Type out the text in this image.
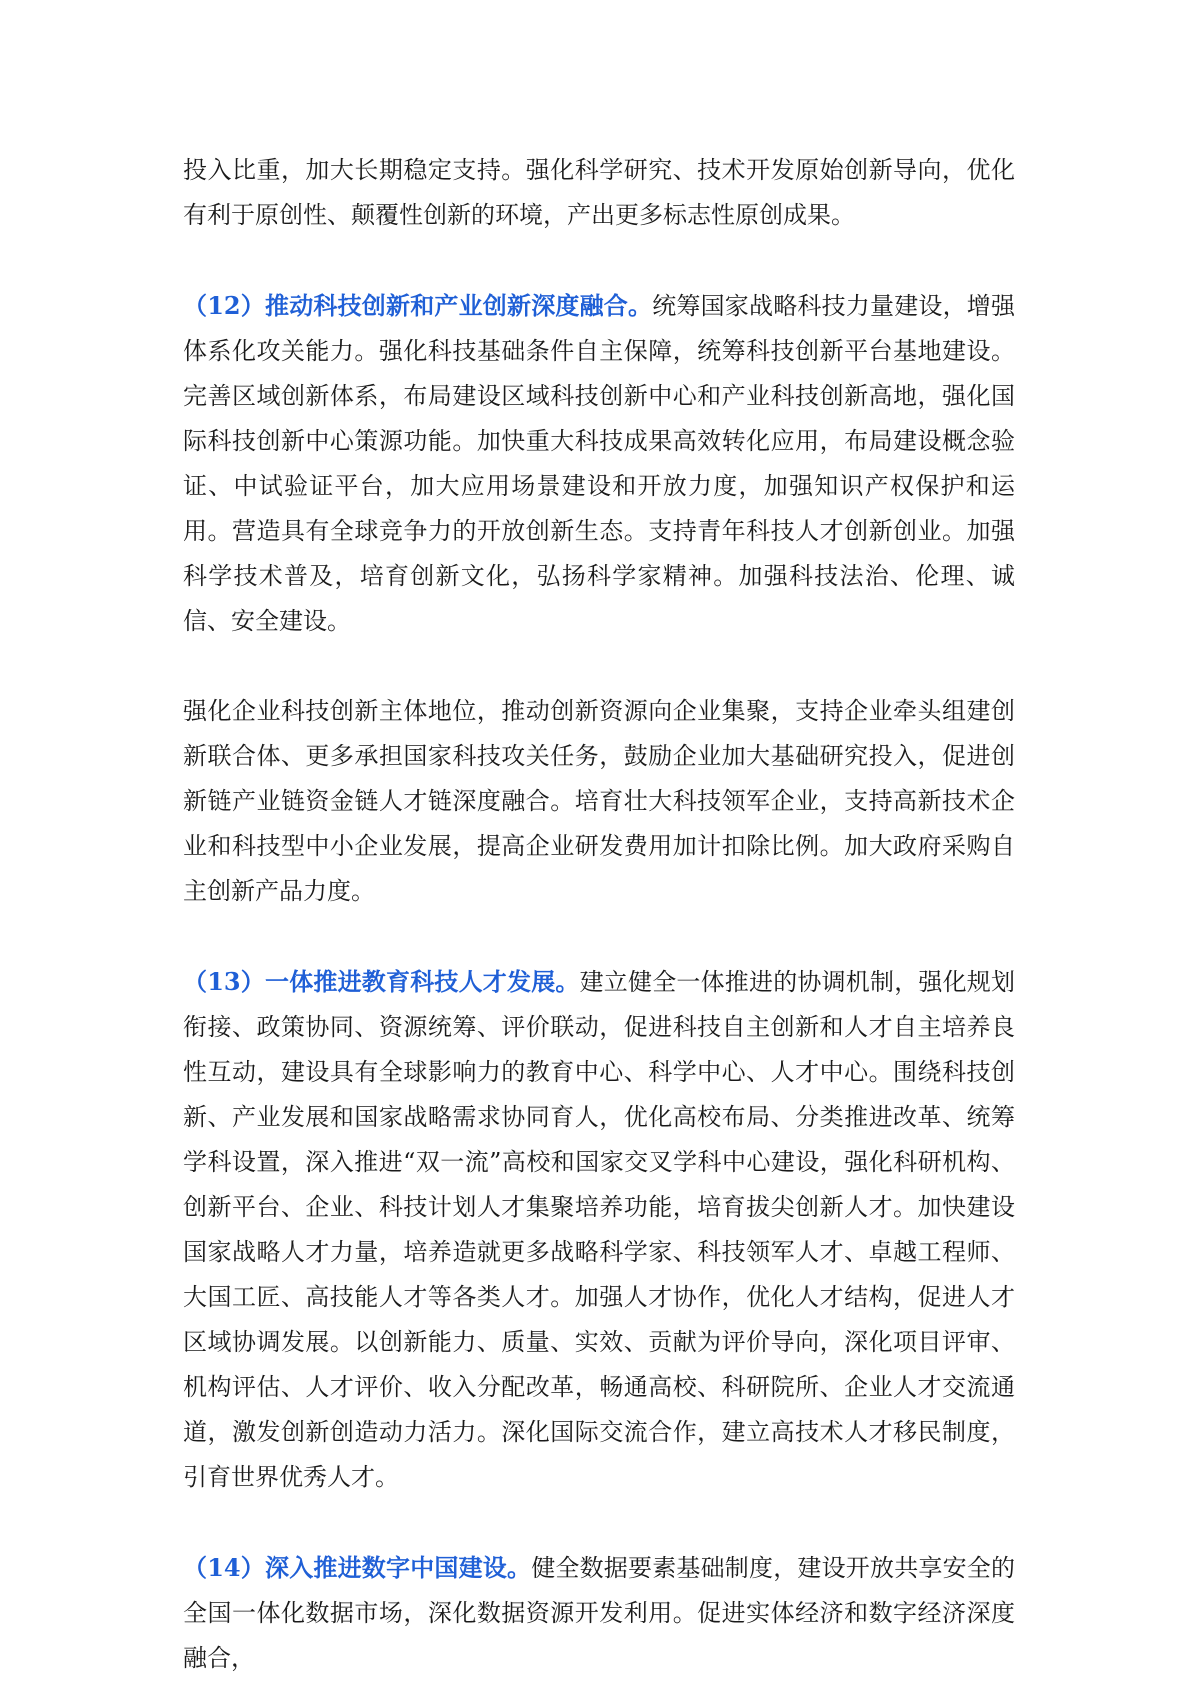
投入比重，加大长期稳定支持。强化科学研究、技术开发原始创新导向，优化有利于原创性、颠覆性创新的环境，产出更多标志性原创成果。

（12）推动科技创新和产业创新深度融合。统筹国家战略科技力量建设，增强体系化攻关能力。强化科技基础条件自主保障，统筹科技创新平台基地建设。完善区域创新体系，布局建设区域科技创新中心和产业科技创新高地，强化国际科技创新中心策源功能。加快重大科技成果高效转化应用，布局建设概念验证、中试验证平台，加大应用场景建设和开放力度，加强知识产权保护和运用。营造具有全球竞争力的开放创新生态。支持青年科技人才创新创业。加强科学技术普及，培育创新文化，弘扬科学家精神。加强科技法治、伦理、诚信、安全建设。

强化企业科技创新主体地位，推动创新资源向企业集聚，支持企业牵头组建创新联合体、更多承担国家科技攻关任务，鼓励企业加大基础研究投入，促进创新链产业链资金链人才链深度融合。培育壮大科技领军企业，支持高新技术企业和科技型中小企业发展，提高企业研发费用加计扣除比例。加大政府采购自主创新产品力度。

（13）一体推进教育科技人才发展。建立健全一体推进的协调机制，强化规划衔接、政策协同、资源统筹、评价联动，促进科技自主创新和人才自主培养良性互动，建设具有全球影响力的教育中心、科学中心、人才中心。围绕科技创新、产业发展和国家战略需求协同育人，优化高校布局、分类推进改革、统筹学科设置，深入推进“双一流”高校和国家交叉学科中心建设，强化科研机构、创新平台、企业、科技计划人才集聚培养功能，培育拔尖创新人才。加快建设国家战略人才力量，培养造就更多战略科学家、科技领军人才、卓越工程师、大国工匠、高技能人才等各类人才。加强人才协作，优化人才结构，促进人才区域协调发展。以创新能力、质量、实效、贡献为评价导向，深化项目评审、机构评估、人才评价、收入分配改革，畅通高校、科研院所、企业人才交流通道，激发创新创造动力活力。深化国际交流合作，建立高技术人才移民制度，引育世界优秀人才。

（14）深入推进数字中国建设。健全数据要素基础制度，建设开放共享安全的全国一体化数据市场，深化数据资源开发利用。促进实体经济和数字经济深度融合，
